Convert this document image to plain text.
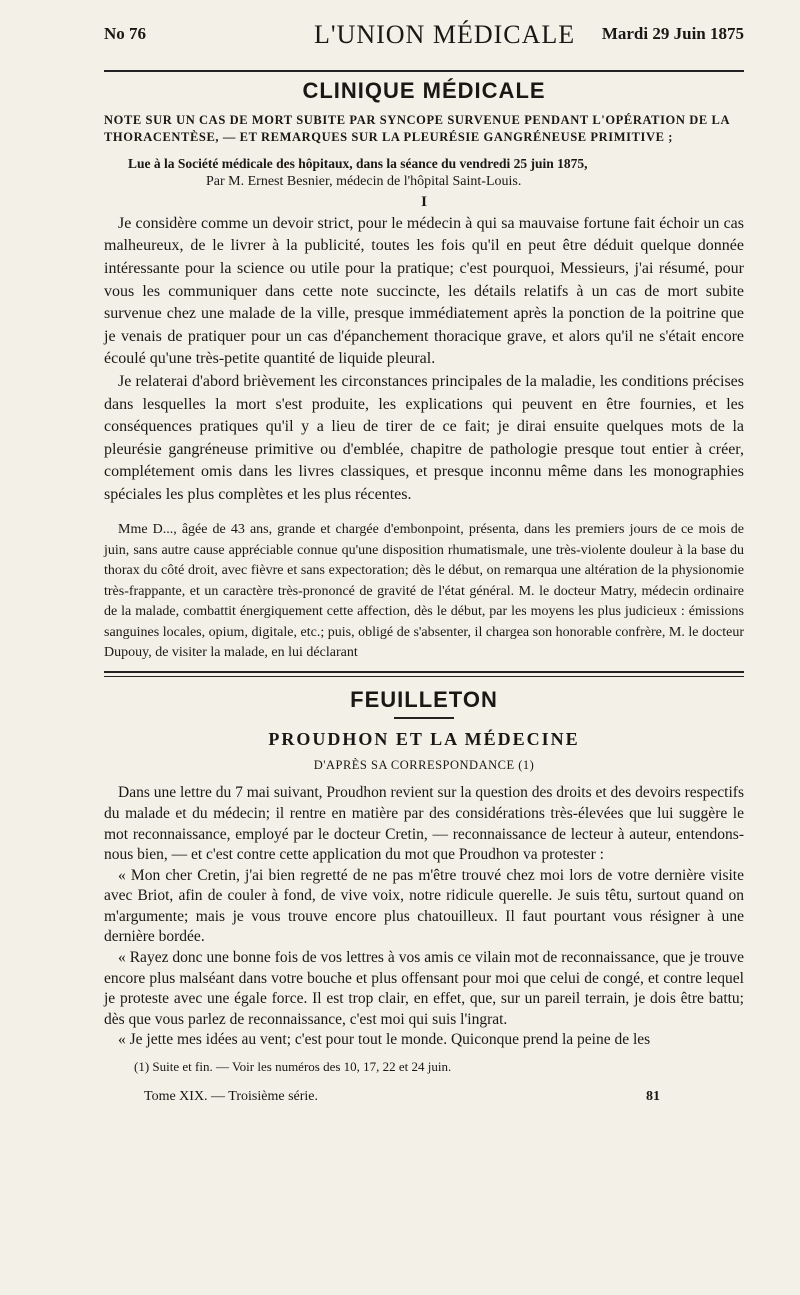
No 76	L'UNION MÉDICALE Mardi 29 Juin 1875
CLINIQUE MÉDICALE
NOTE SUR UN CAS DE MORT SUBITE PAR SYNCOPE SURVENUE PENDANT L'OPÉRATION DE LA THORACENTÈSE, — ET REMARQUES SUR LA PLEURÉSIE GANGRÉNEUSE PRIMITIVE ;
Lue à la Société médicale des hôpitaux, dans la séance du vendredi 25 juin 1875,
Par M. Ernest Besnier, médecin de l'hôpital Saint-Louis.
I

Je considère comme un devoir strict, pour le médecin à qui sa mauvaise fortune fait échoir un cas malheureux, de le livrer à la publicité, toutes les fois qu'il en peut être déduit quelque donnée intéressante pour la science ou utile pour la pratique; c'est pourquoi, Messieurs, j'ai résumé, pour vous les communiquer dans cette note succincte, les détails relatifs à un cas de mort subite survenue chez une malade de la ville, presque immédiatement après la ponction de la poitrine que je venais de pratiquer pour un cas d'épanchement thoracique grave, et alors qu'il ne s'était encore écoulé qu'une très-petite quantité de liquide pleural.

Je relaterai d'abord brièvement les circonstances principales de la maladie, les conditions précises dans lesquelles la mort s'est produite, les explications qui peuvent en être fournies, et les conséquences pratiques qu'il y a lieu de tirer de ce fait; je dirai ensuite quelques mots de la pleurésie gangréneuse primitive ou d'emblée, chapitre de pathologie presque tout entier à créer, complétement omis dans les livres classiques, et presque inconnu même dans les monographies spéciales les plus complètes et les plus récentes.

Mme D..., âgée de 43 ans, grande et chargée d'embonpoint, présenta, dans les premiers jours de ce mois de juin, sans autre cause appréciable connue qu'une disposition rhumatismale, une très-violente douleur à la base du thorax du côté droit, avec fièvre et sans expectoration; dès le début, on remarqua une altération de la physionomie très-frappante, et un caractère très-prononcé de gravité de l'état général. M. le docteur Matry, médecin ordinaire de la malade, combattit énergiquement cette affection, dès le début, par les moyens les plus judicieux : émissions sanguines locales, opium, digitale, etc.; puis, obligé de s'absenter, il chargea son honorable confrère, M. le docteur Dupouy, de visiter la malade, en lui déclarant

FEUILLETON
PROUDHON ET LA MÉDECINE
D'APRÈS SA CORRESPONDANCE (1)

Dans une lettre du 7 mai suivant, Proudhon revient sur la question des droits et des devoirs respectifs du malade et du médecin; il rentre en matière par des considérations très-élevées que lui suggère le mot reconnaissance, employé par le docteur Cretin, — reconnaissance de lecteur à auteur, entendons-nous bien, — et c'est contre cette application du mot que Proudhon va protester :

« Mon cher Cretin, j'ai bien regretté de ne pas m'être trouvé chez moi lors de votre dernière visite avec Briot, afin de couler à fond, de vive voix, notre ridicule querelle. Je suis têtu, surtout quand on m'argumente; mais je vous trouve encore plus chatouilleux. Il faut pourtant vous résigner à une dernière bordée.

« Rayez donc une bonne fois de vos lettres à vos amis ce vilain mot de reconnaissance, que je trouve encore plus malséant dans votre bouche et plus offensant pour moi que celui de congé, et contre lequel je proteste avec une égale force. Il est trop clair, en effet, que, sur un pareil terrain, je dois être battu; dès que vous parlez de reconnaissance, c'est moi qui suis l'ingrat.

« Je jette mes idées au vent; c'est pour tout le monde. Quiconque prend la peine de les

(1) Suite et fin. — Voir les numéros des 10, 17, 22 et 24 juin.
Tome XIX. — Troisième série.	81
